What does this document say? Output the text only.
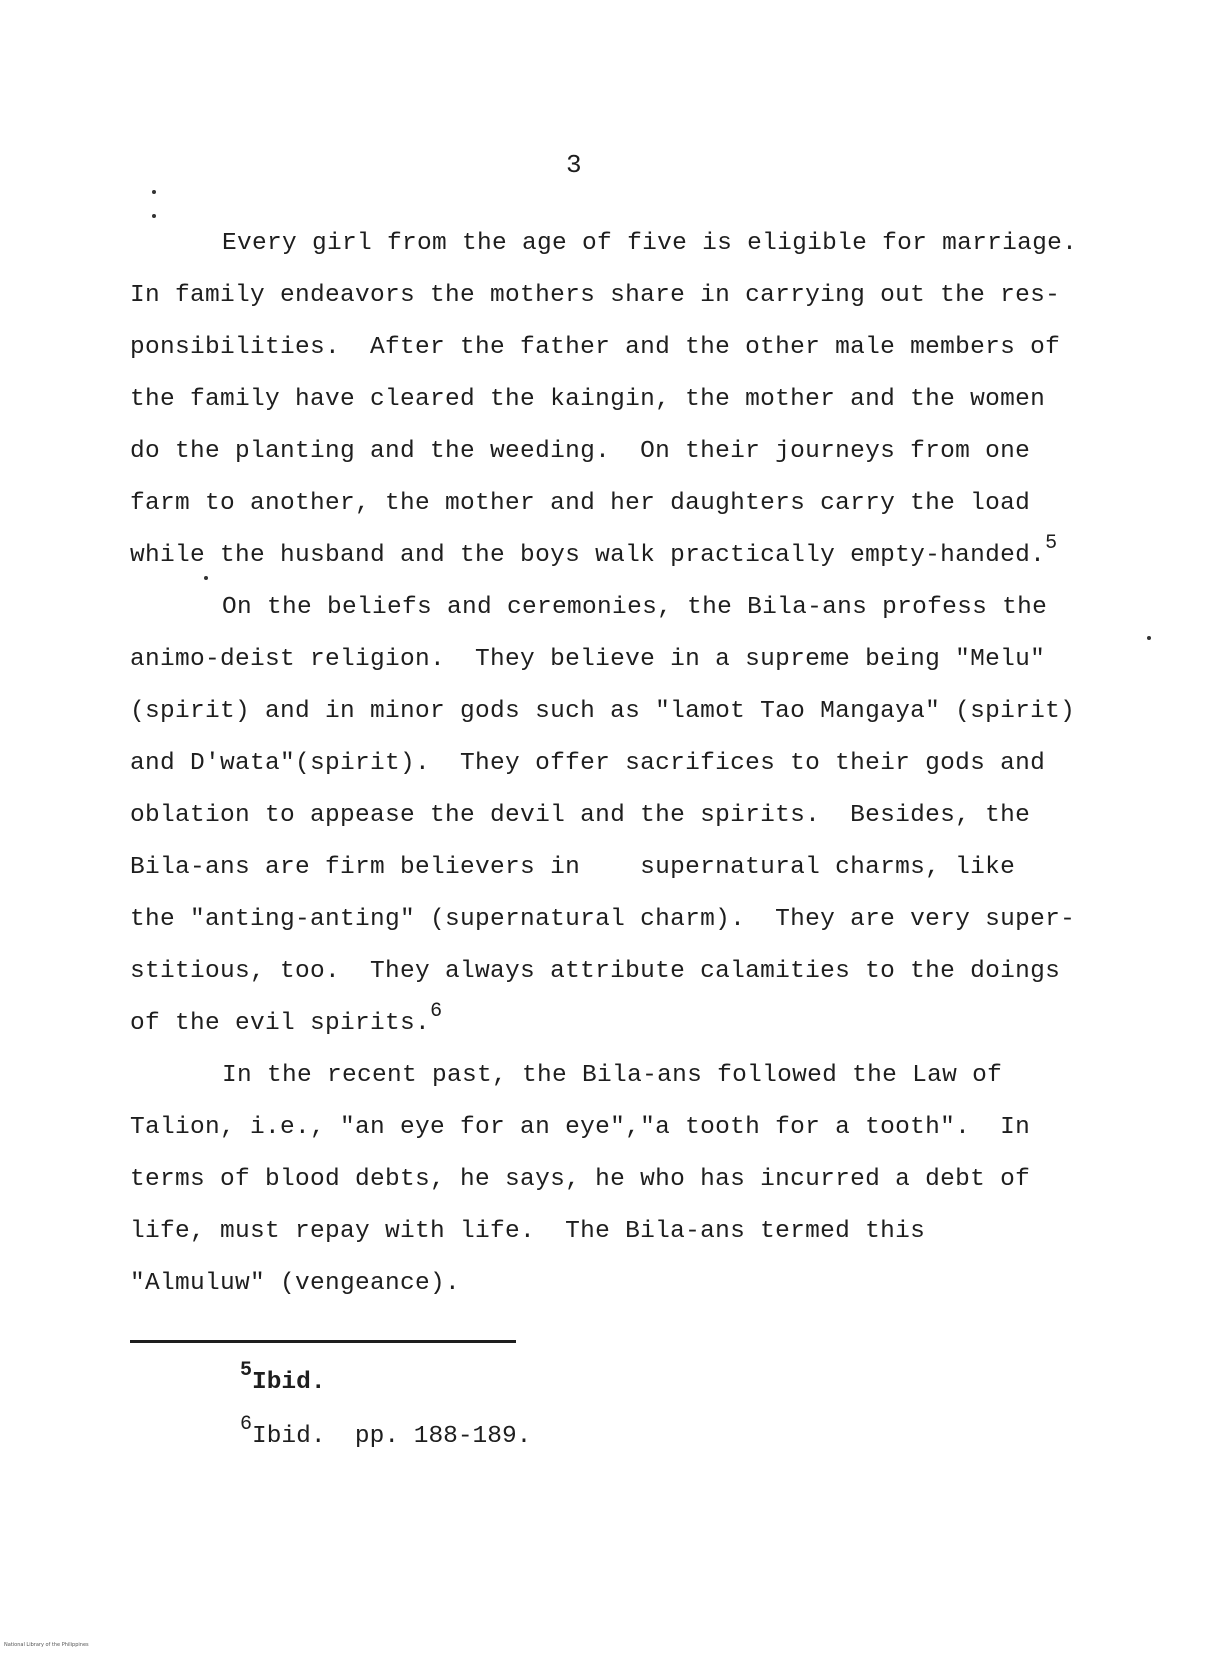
3
Every girl from the age of five is eligible for marriage.
In family endeavors the mothers share in carrying out the res-
ponsibilities.  After the father and the other male members of
the family have cleared the kaingin, the mother and the women
do the planting and the weeding.  On their journeys from one
farm to another, the mother and her daughters carry the load
while the husband and the boys walk practically empty-handed.$^5$
On the beliefs and ceremonies, the Bila-ans profess the
animo-deist religion.  They believe in a supreme being "Melu"
(spirit) and in minor gods such as "lamot Tao Mangaya" (spirit)
and D'wata"(spirit).  They offer sacrifices to their gods and
oblation to appease the devil and the spirits.  Besides, the
Bila-ans are firm believers in    supernatural charms, like
the "anting-anting" (supernatural charm).  They are very super-
stitious, too.  They always attribute calamities to the doings
of the evil spirits.$^6$
In the recent past, the Bila-ans followed the Law of
Talion, i.e., "an eye for an eye","a tooth for a tooth".  In
terms of blood debts, he says, he who has incurred a debt of
life, must repay with life.  The Bila-ans termed this
"Almuluw" (vengeance).
$^5$Ibid.
$^6$Ibid.  pp. 188-189.
National Library of the Philippines
